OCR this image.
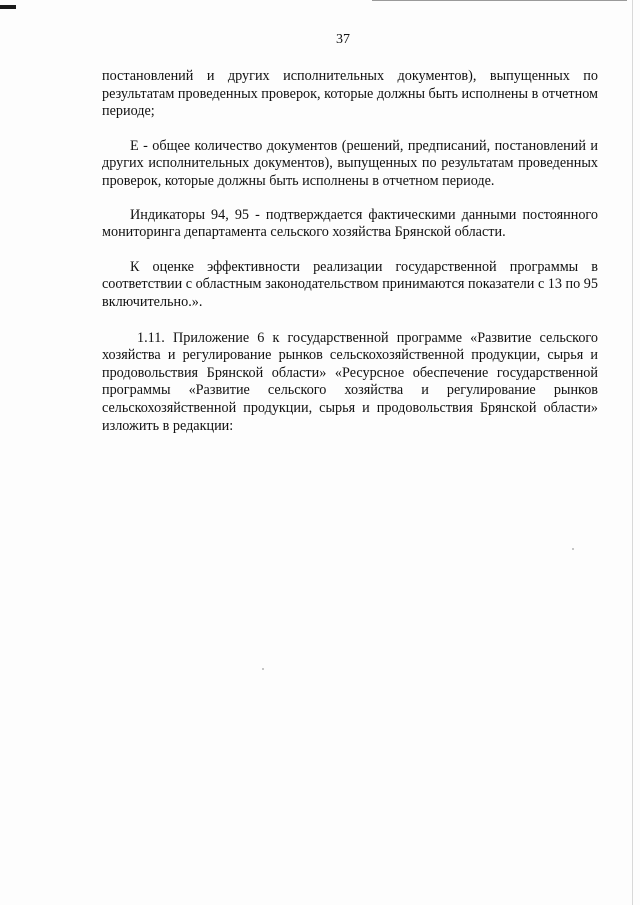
37

постановлений и других исполнительных документов), выпущенных по результатам проведенных проверок, которые должны быть исполнены в отчетном периоде;

Е - общее количество документов (решений, предписаний, постановлений и других исполнительных документов), выпущенных по результатам проведенных проверок, которые должны быть исполнены в отчетном периоде.

Индикаторы 94, 95 - подтверждается фактическими данными постоянного мониторинга департамента сельского хозяйства Брянской области.

К оценке эффективности реализации государственной программы в соответствии с областным законодательством принимаются показатели с 13 по 95 включительно.».

1.11. Приложение 6 к государственной программе «Развитие сельского хозяйства и регулирование рынков сельскохозяйственной продукции, сырья и продовольствия Брянской области» «Ресурсное обеспечение государственной программы «Развитие сельского хозяйства и регулирование рынков сельскохозяйственной продукции, сырья и продовольствия Брянской области» изложить в редакции:
